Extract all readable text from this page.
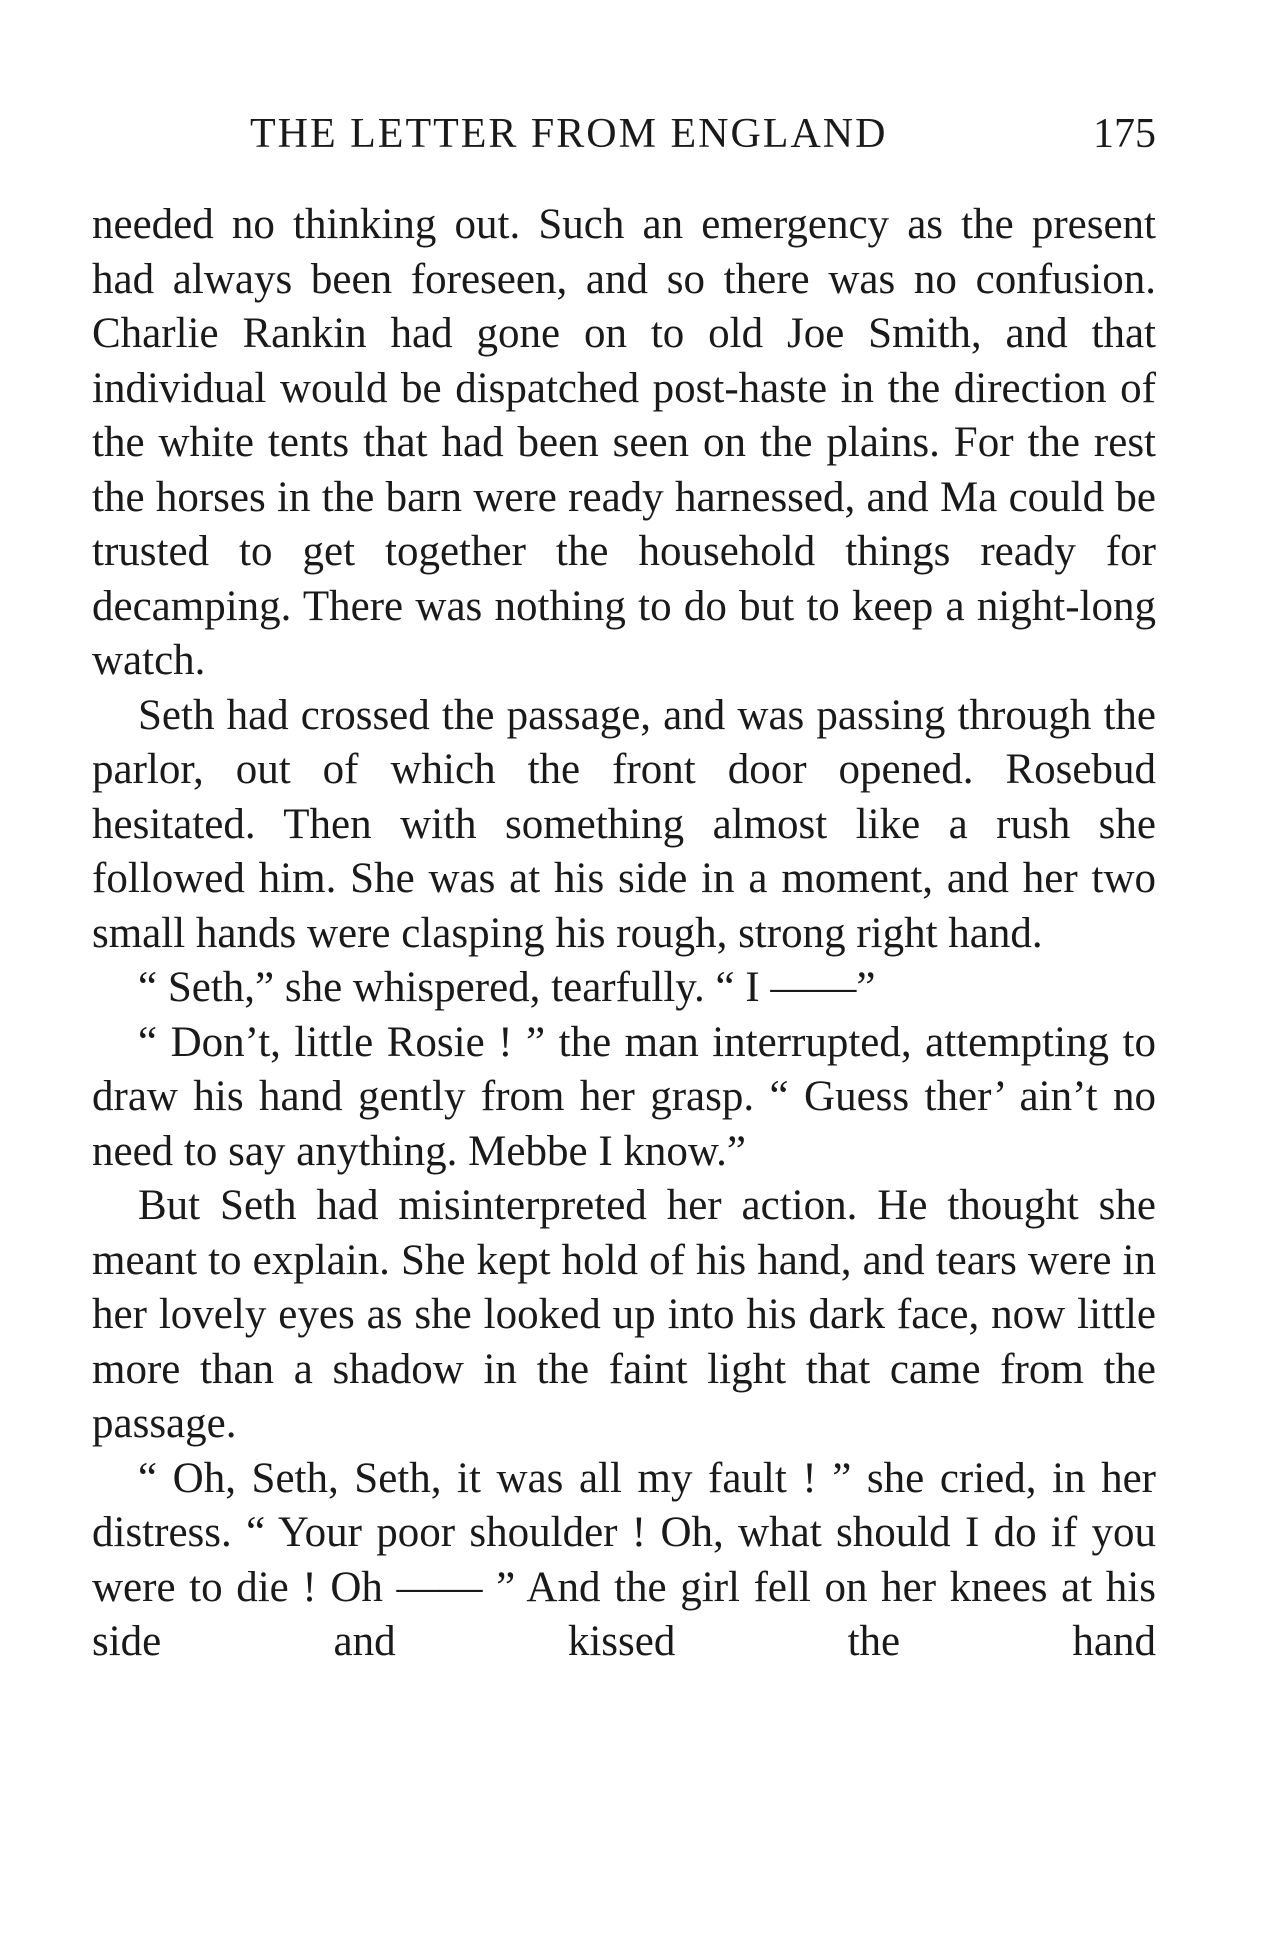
THE LETTER FROM ENGLAND	175

needed no thinking out. Such an emergency as the present had always been foreseen, and so there was no confusion. Charlie Rankin had gone on to old Joe Smith, and that individual would be dispatched post-haste in the direction of the white tents that had been seen on the plains. For the rest the horses in the barn were ready harnessed, and Ma could be trusted to get together the household things ready for decamping. There was nothing to do but to keep a night-long watch.

Seth had crossed the passage, and was passing through the parlor, out of which the front door opened. Rosebud hesitated. Then with something almost like a rush she followed him. She was at his side in a moment, and her two small hands were clasping his rough, strong right hand.

“ Seth,” she whispered, tearfully. “ I ——”

“ Don’t, little Rosie ! ” the man interrupted, attempting to draw his hand gently from her grasp. “ Guess ther’ ain’t no need to say anything. Mebbe I know.”

But Seth had misinterpreted her action. He thought she meant to explain. She kept hold of his hand, and tears were in her lovely eyes as she looked up into his dark face, now little more than a shadow in the faint light that came from the passage.

“ Oh, Seth, Seth, it was all my fault ! ” she cried, in her distress. “ Your poor shoulder ! Oh, what should I do if you were to die ! Oh —— ” And the girl fell on her knees at his side and kissed the hand
